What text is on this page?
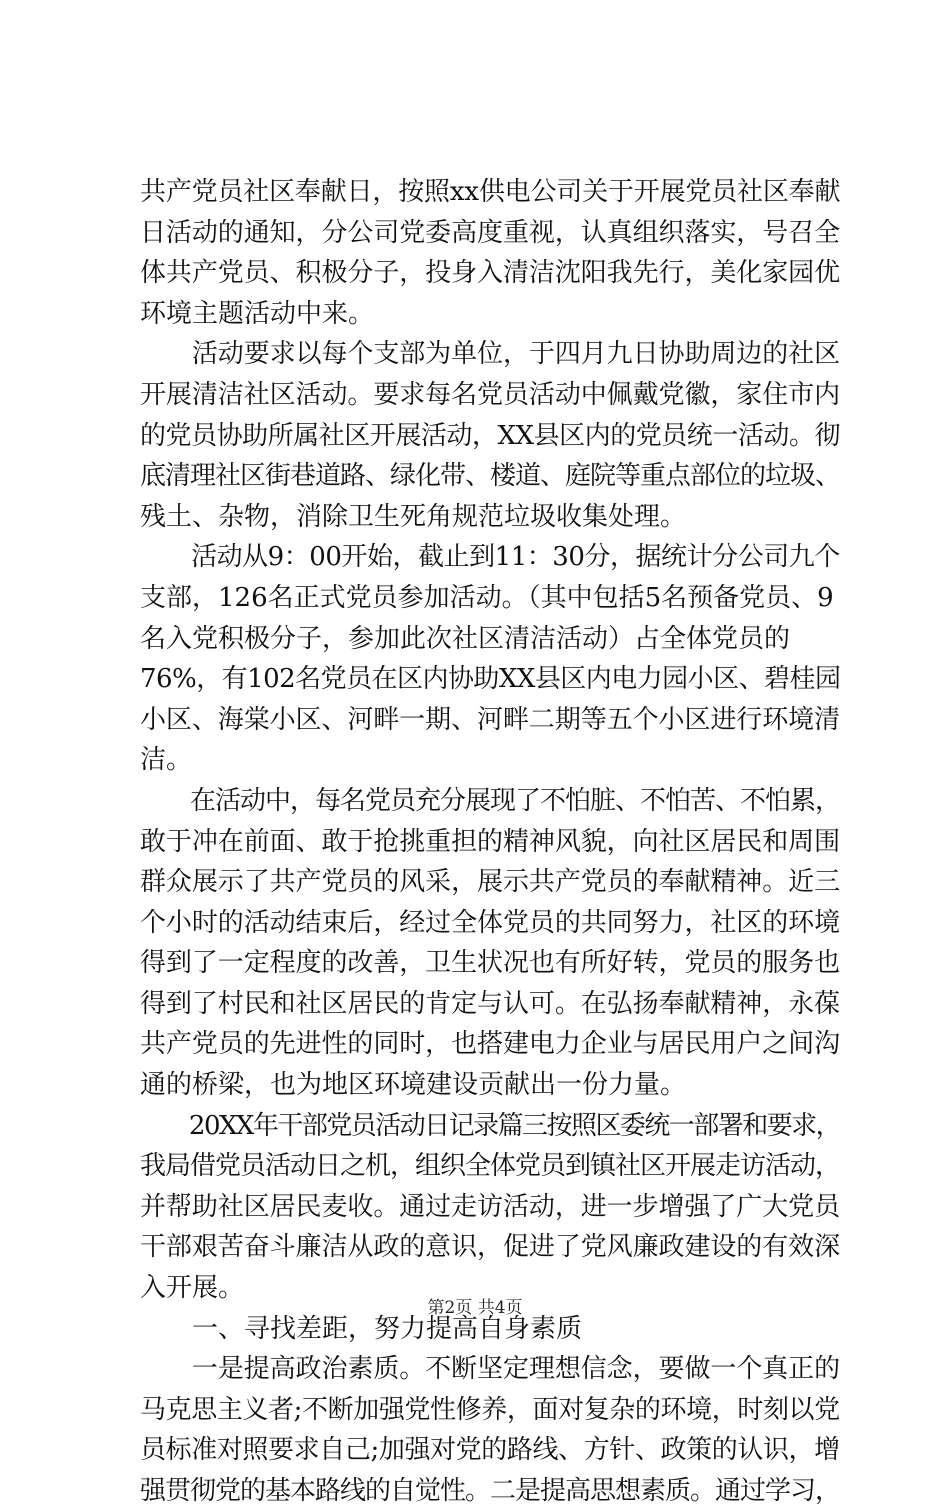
共产党员社区奉献日，按照xx供电公司关于开展党员社区奉献
日活动的通知，分公司党委高度重视，认真组织落实，号召全
体共产党员、积极分子，投身入清洁沈阳我先行，美化家园优
环境主题活动中来。
　　活动要求以每个支部为单位，于四月九日协助周边的社区
开展清洁社区活动。要求每名党员活动中佩戴党徽，家住市内
的党员协助所属社区开展活动，XX县区内的党员统一活动。彻
底清理社区街巷道路、绿化带、楼道、庭院等重点部位的垃圾、
残土、杂物，消除卫生死角规范垃圾收集处理。
　　活动从9：00开始，截止到11：30分，据统计分公司九个
支部，126名正式党员参加活动。（其中包括5名预备党员、9
名入党积极分子，参加此次社区清洁活动）占全体党员的
76%，有102名党员在区内协助XX县区内电力园小区、碧桂园
小区、海棠小区、河畔一期、河畔二期等五个小区进行环境清
洁。
　　在活动中，每名党员充分展现了不怕脏、不怕苦、不怕累，
敢于冲在前面、敢于抢挑重担的精神风貌，向社区居民和周围
群众展示了共产党员的风采，展示共产党员的奉献精神。近三
个小时的活动结束后，经过全体党员的共同努力，社区的环境
得到了一定程度的改善，卫生状况也有所好转，党员的服务也
得到了村民和社区居民的肯定与认可。在弘扬奉献精神，永葆
共产党员的先进性的同时，也搭建电力企业与居民用户之间沟
通的桥梁，也为地区环境建设贡献出一份力量。
　　20XX年干部党员活动日记录篇三按照区委统一部署和要求，
我局借党员活动日之机，组织全体党员到镇社区开展走访活动，
并帮助社区居民麦收。通过走访活动，进一步增强了广大党员
干部艰苦奋斗廉洁从政的意识，促进了党风廉政建设的有效深
入开展。
　　一、寻找差距，努力提高自身素质
　　一是提高政治素质。不断坚定理想信念，要做一个真正的
马克思主义者;不断加强党性修养，面对复杂的环境，时刻以党
员标准对照要求自己;加强对党的路线、方针、政策的认识，增
强贯彻党的基本路线的自觉性。二是提高思想素质。通过学习，
第2页 共4页
